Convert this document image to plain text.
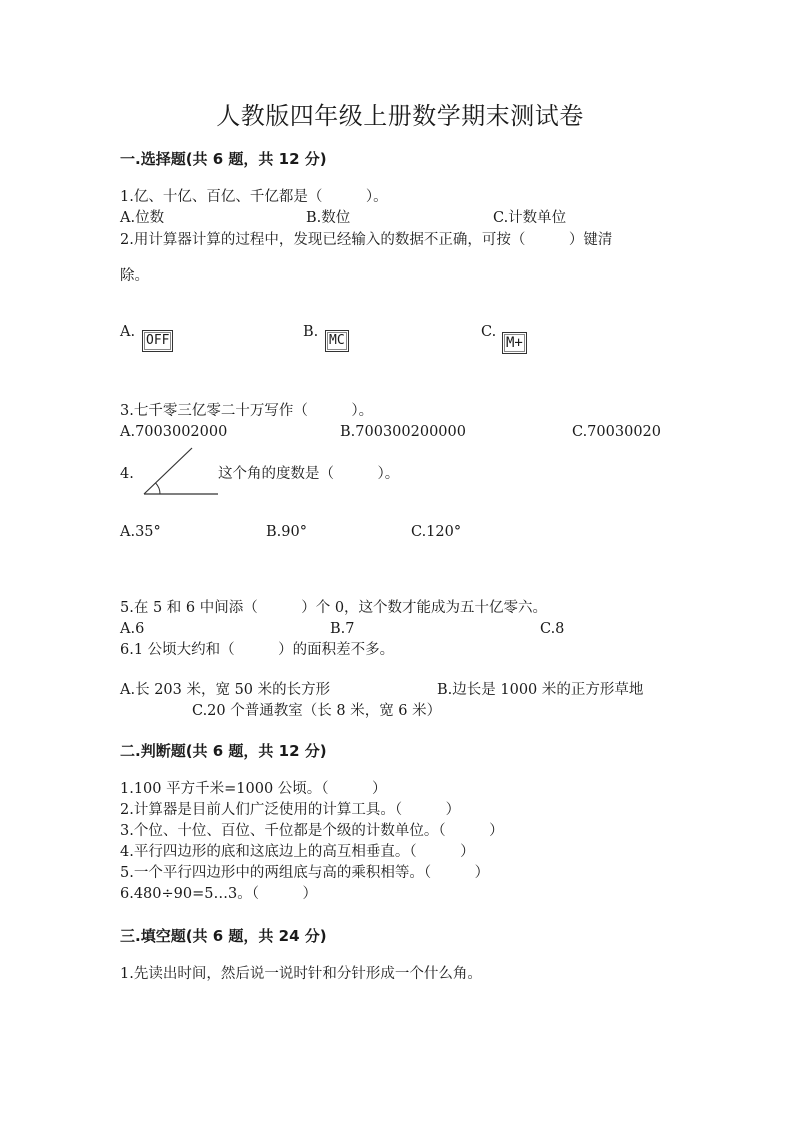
人教版四年级上册数学期末测试卷
一.选择题(共 6 题，共 12 分)
1.亿、十亿、百亿、千亿都是（　　　）。
A.位数	B.数位	C.计数单位
2.用计算器计算的过程中，发现已经输入的数据不正确，可按（　　　）键清
除。
A.
OFF
B.
MC
C.
M+
3.七千零三亿零二十万写作（　　　）。
A.7003002000	B.700300200000	C.70030020
4.	这个角的度数是（　　　）。
A.35°	B.90°	C.120°
5.在 5 和 6 中间添（　　　）个 0，这个数才能成为五十亿零六。
A.6	B.7	C.8
6.1 公顷大约和（　　　）的面积差不多。
A.长 203 米，宽 50 米的长方形	B.边长是 1000 米的正方形草地
C.20 个普通教室（长 8 米，宽 6 米）
二.判断题(共 6 题，共 12 分)
1.100 平方千米=1000 公顷。（　　　）
2.计算器是目前人们广泛使用的计算工具。（　　　）
3.个位、十位、百位、千位都是个级的计数单位。（　　　）
4.平行四边形的底和这底边上的高互相垂直。（　　　）
5.一个平行四边形中的两组底与高的乘积相等。（　　　）
6.480÷90=5…3。（　　　）
三.填空题(共 6 题，共 24 分)
1.先读出时间，然后说一说时针和分针形成一个什么角。
